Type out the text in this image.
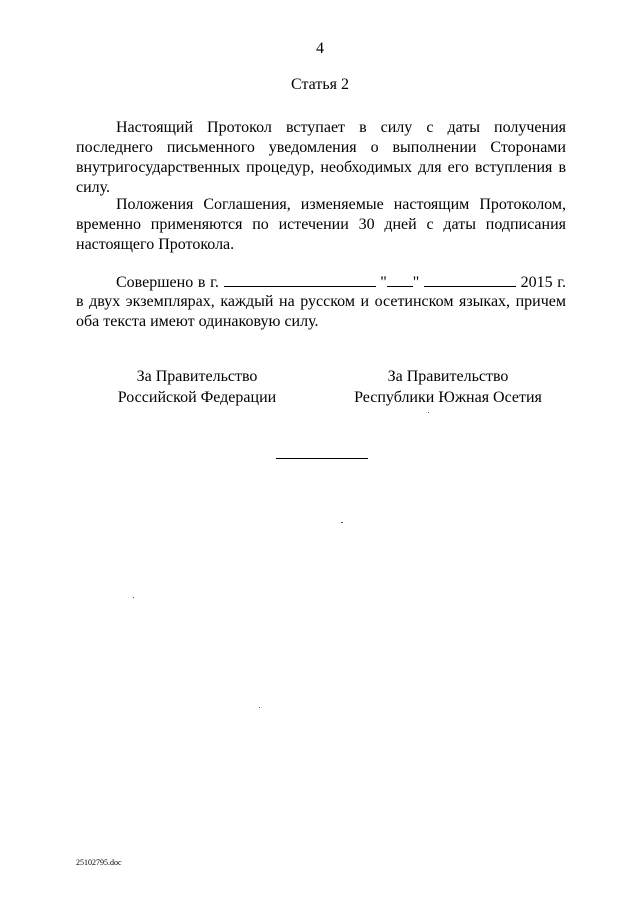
4
Статья 2

Настоящий Протокол вступает в силу с даты получения последнего письменного уведомления о выполнении Сторонами внутригосударственных процедур, необходимых для его вступления в силу.

Положения Соглашения, изменяемые настоящим Протоколом, временно применяются по истечении 30 дней с даты подписания настоящего Протокола.

Совершено в г.	" "	2015 г.

в двух экземплярах, каждый на русском и осетинском языках, причем оба текста имеют одинаковую силу.

За Правительство
Российской Федерации
За Правительство
Республики Южная Осетия
25102795.doc
